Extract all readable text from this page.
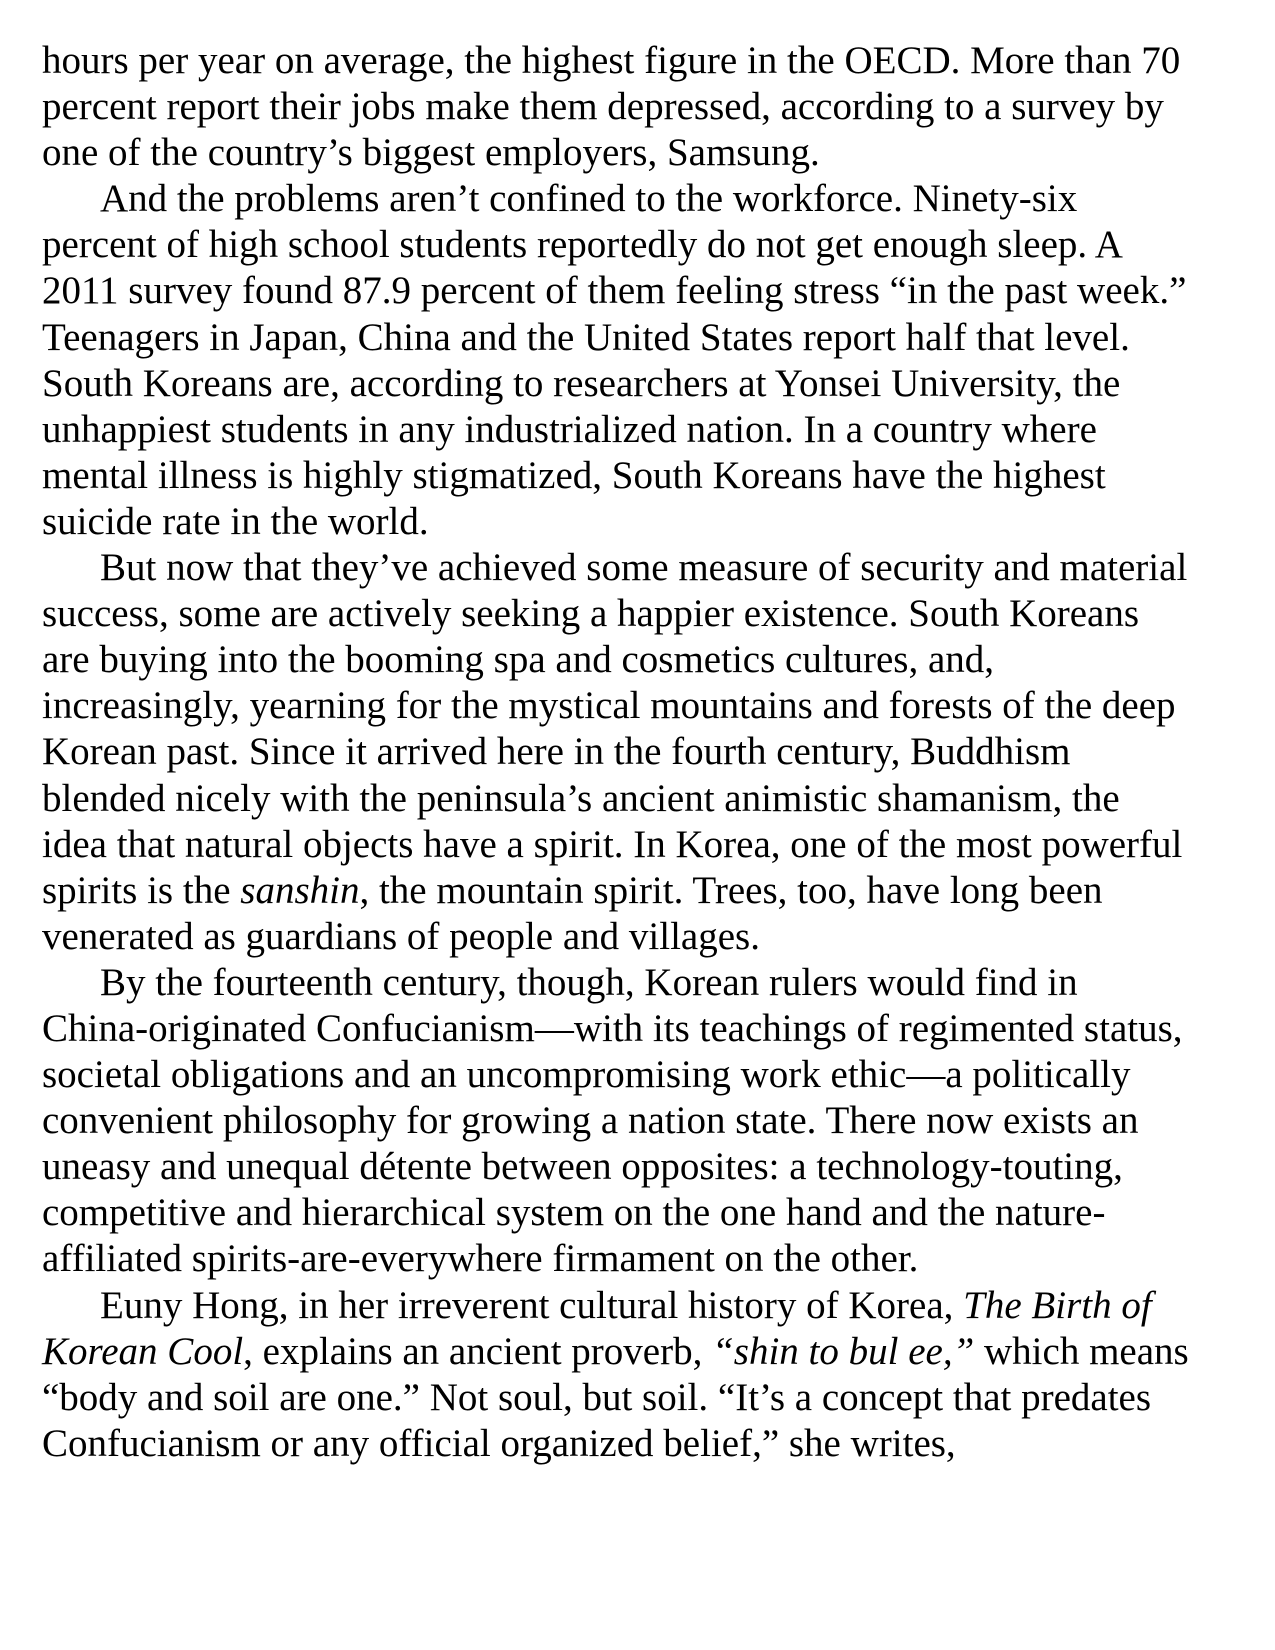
hours per year on average, the highest figure in the OECD. More than 70 percent report their jobs make them depressed, according to a survey by one of the country’s biggest employers, Samsung.

And the problems aren’t confined to the workforce. Ninety-six percent of high school students reportedly do not get enough sleep. A 2011 survey found 87.9 percent of them feeling stress “in the past week.” Teenagers in Japan, China and the United States report half that level. South Koreans are, according to researchers at Yonsei University, the unhappiest students in any industrialized nation. In a country where mental illness is highly stigmatized, South Koreans have the highest suicide rate in the world.

But now that they’ve achieved some measure of security and material success, some are actively seeking a happier existence. South Koreans are buying into the booming spa and cosmetics cultures, and, increasingly, yearning for the mystical mountains and forests of the deep Korean past. Since it arrived here in the fourth century, Buddhism blended nicely with the peninsula’s ancient animistic shamanism, the idea that natural objects have a spirit. In Korea, one of the most powerful spirits is the sanshin, the mountain spirit. Trees, too, have long been venerated as guardians of people and villages.

By the fourteenth century, though, Korean rulers would find in China-originated Confucianism—with its teachings of regimented status, societal obligations and an uncompromising work ethic—a politically convenient philosophy for growing a nation state. There now exists an uneasy and unequal détente between opposites: a technology-touting, competitive and hierarchical system on the one hand and the nature-affiliated spirits-are-everywhere firmament on the other.

Euny Hong, in her irreverent cultural history of Korea, The Birth of Korean Cool, explains an ancient proverb, “shin to bul ee,” which means “body and soil are one.” Not soul, but soil. “It’s a concept that predates Confucianism or any official organized belief,” she writes,
